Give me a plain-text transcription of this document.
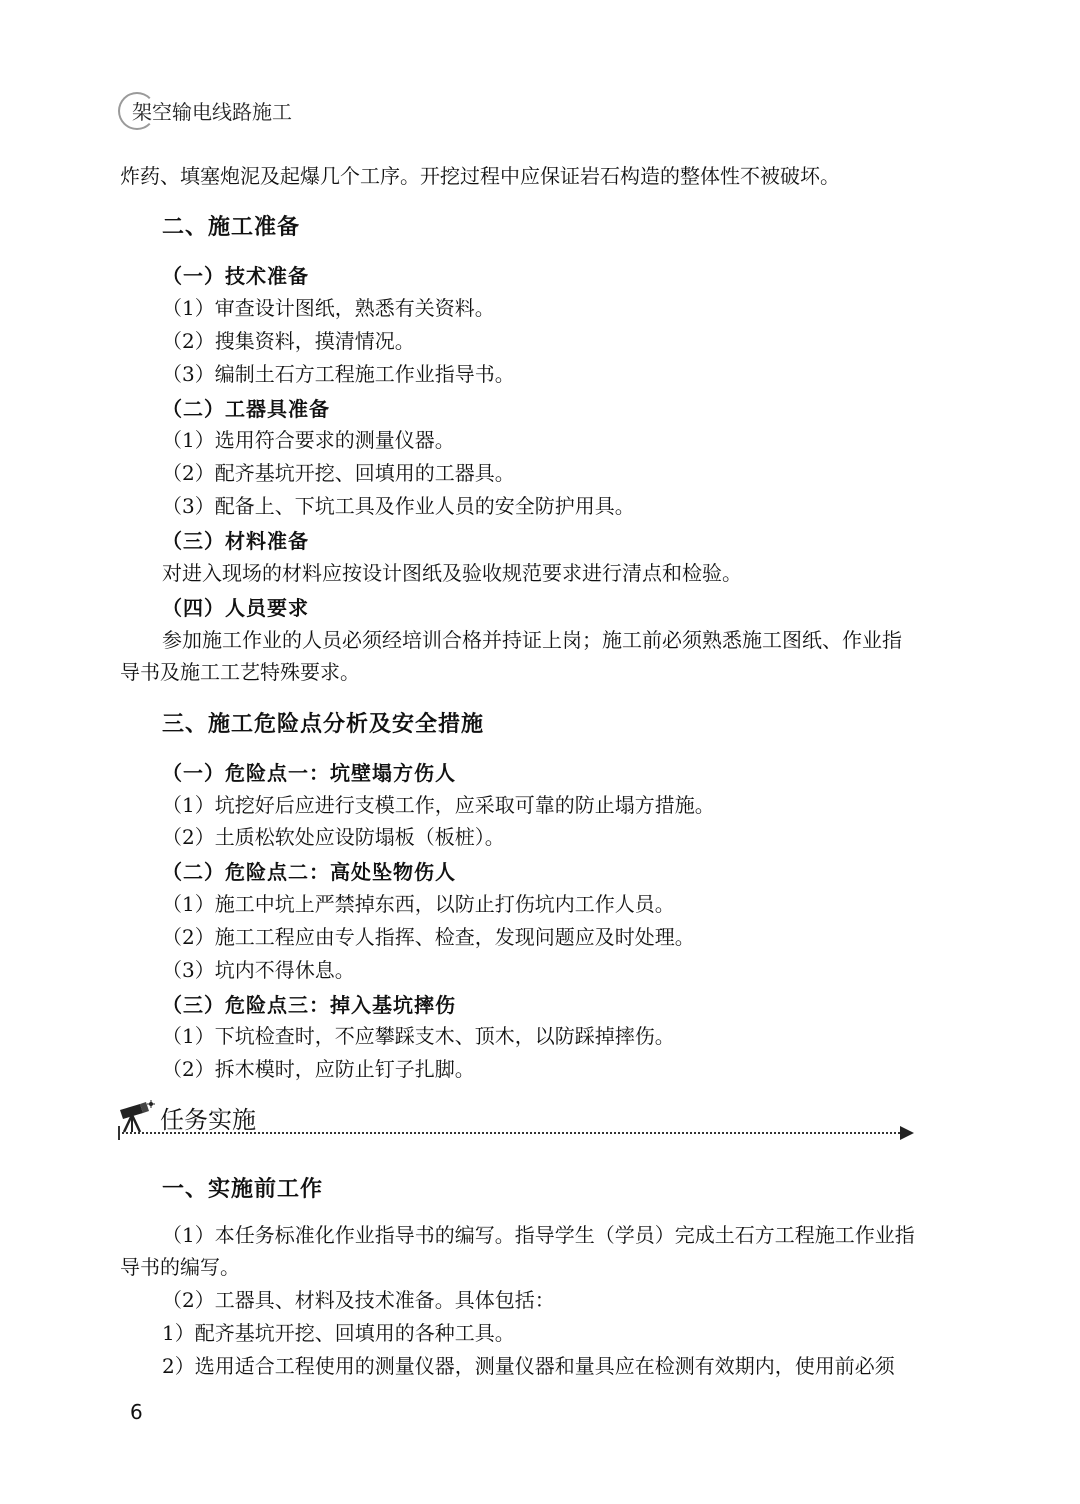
架空输电线路施工
炸药、填塞炮泥及起爆几个工序。开挖过程中应保证岩石构造的整体性不被破坏。
二、施工准备
（一）技术准备
（1）审查设计图纸，熟悉有关资料。
（2）搜集资料，摸清情况。
（3）编制土石方工程施工作业指导书。
（二）工器具准备
（1）选用符合要求的测量仪器。
（2）配齐基坑开挖、回填用的工器具。
（3）配备上、下坑工具及作业人员的安全防护用具。
（三）材料准备
对进入现场的材料应按设计图纸及验收规范要求进行清点和检验。
（四）人员要求
参加施工作业的人员必须经培训合格并持证上岗；施工前必须熟悉施工图纸、作业指
导书及施工工艺特殊要求。
三、施工危险点分析及安全措施
（一）危险点一：坑壁塌方伤人
（1）坑挖好后应进行支模工作，应采取可靠的防止塌方措施。
（2）土质松软处应设防塌板（板桩）。
（二）危险点二：高处坠物伤人
（1）施工中坑上严禁掉东西，以防止打伤坑内工作人员。
（2）施工工程应由专人指挥、检查，发现问题应及时处理。
（3）坑内不得休息。
（三）危险点三：掉入基坑摔伤
（1）下坑检查时，不应攀踩支木、顶木，以防踩掉摔伤。
（2）拆木模时，应防止钉子扎脚。
任务实施
一、实施前工作
（1）本任务标准化作业指导书的编写。指导学生（学员）完成土石方工程施工作业指
导书的编写。
（2）工器具、材料及技术准备。具体包括：
1）配齐基坑开挖、回填用的各种工具。
2）选用适合工程使用的测量仪器，测量仪器和量具应在检测有效期内，使用前必须
6
